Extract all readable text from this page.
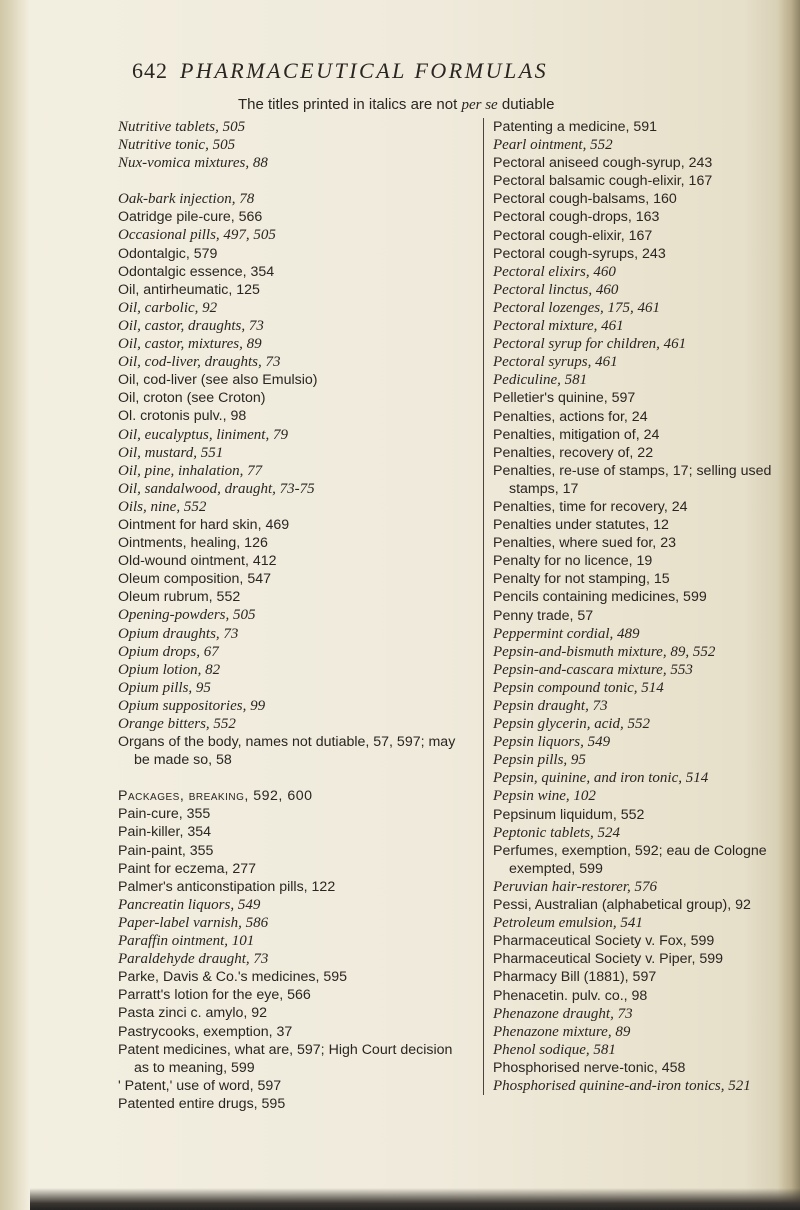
642 PHARMACEUTICAL FORMULAS
The titles printed in italics are not per se dutiable
Nutritive tablets, 505
Nutritive tonic, 505
Nux-vomica mixtures, 88
Oak-bark injection, 78
Oatridge pile-cure, 566
Occasional pills, 497, 505
Odontalgic, 579
Odontalgic essence, 354
Oil, antirheumatic, 125
Oil, carbolic, 92
Oil, castor, draughts, 73
Oil, castor, mixtures, 89
Oil, cod-liver, draughts, 73
Oil, cod-liver (see also Emulsio)
Oil, croton (see Croton)
Ol. crotonis pulv., 98
Oil, eucalyptus, liniment, 79
Oil, mustard, 551
Oil, pine, inhalation, 77
Oil, sandalwood, draught, 73-75
Oils, nine, 552
Ointment for hard skin, 469
Ointments, healing, 126
Old-wound ointment, 412
Oleum composition, 547
Oleum rubrum, 552
Opening-powders, 505
Opium draughts, 73
Opium drops, 67
Opium lotion, 82
Opium pills, 95
Opium suppositories, 99
Orange bitters, 552
Organs of the body, names not dutiable, 57, 597; may be made so, 58
Packages, breaking, 592, 600
Pain-cure, 355
Pain-killer, 354
Pain-paint, 355
Paint for eczema, 277
Palmer's anticonstipation pills, 122
Pancreatin liquors, 549
Paper-label varnish, 586
Paraffin ointment, 101
Paraldehyde draught, 73
Parke, Davis & Co.'s medicines, 595
Parratt's lotion for the eye, 566
Pasta zinci c. amylo, 92
Pastrycooks, exemption, 37
Patent medicines, what are, 597; High Court decision as to meaning, 599
' Patent,' use of word, 597
Patented entire drugs, 595
Patenting a medicine, 591
Pearl ointment, 552
Pectoral aniseed cough-syrup, 243
Pectoral balsamic cough-elixir, 167
Pectoral cough-balsams, 160
Pectoral cough-drops, 163
Pectoral cough-elixir, 167
Pectoral cough-syrups, 243
Pectoral elixirs, 460
Pectoral linctus, 460
Pectoral lozenges, 175, 461
Pectoral mixture, 461
Pectoral syrup for children, 461
Pectoral syrups, 461
Pediculine, 581
Pelletier's quinine, 597
Penalties, actions for, 24
Penalties, mitigation of, 24
Penalties, recovery of, 22
Penalties, re-use of stamps, 17; selling used stamps, 17
Penalties, time for recovery, 24
Penalties under statutes, 12
Penalties, where sued for, 23
Penalty for no licence, 19
Penalty for not stamping, 15
Pencils containing medicines, 599
Penny trade, 57
Peppermint cordial, 489
Pepsin-and-bismuth mixture, 89, 552
Pepsin-and-cascara mixture, 553
Pepsin compound tonic, 514
Pepsin draught, 73
Pepsin glycerin, acid, 552
Pepsin liquors, 549
Pepsin pills, 95
Pepsin, quinine, and iron tonic, 514
Pepsin wine, 102
Pepsinum liquidum, 552
Peptonic tablets, 524
Perfumes, exemption, 592; eau de Cologne exempted, 599
Peruvian hair-restorer, 576
Pessi, Australian (alphabetical group), 92
Petroleum emulsion, 541
Pharmaceutical Society v. Fox, 599
Pharmaceutical Society v. Piper, 599
Pharmacy Bill (1881), 597
Phenacetin. pulv. co., 98
Phenazone draught, 73
Phenazone mixture, 89
Phenol sodique, 581
Phosphorised nerve-tonic, 458
Phosphorised quinine-and-iron tonics, 521
